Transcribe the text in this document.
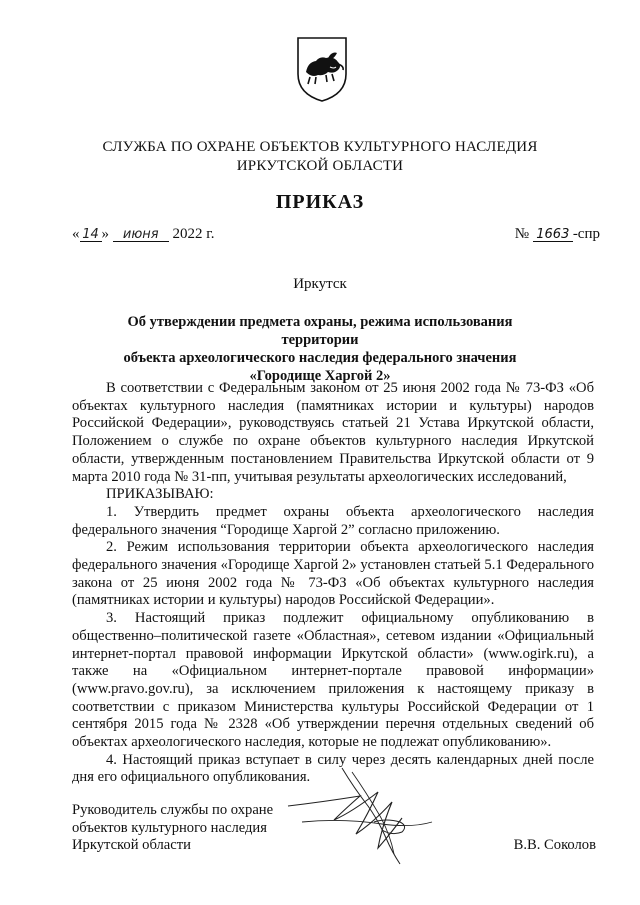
СЛУЖБА ПО ОХРАНЕ ОБЪЕКТОВ КУЛЬТУРНОГО НАСЛЕДИЯ
ИРКУТСКОЙ ОБЛАСТИ
ПРИКАЗ
« 14 » июня 2022 г.	№ 1663 -спр
Иркутск
Об утверждении предмета охраны, режима использования территории
объекта археологического наследия федерального значения
«Городище Харгой 2»

В соответствии с Федеральным законом от 25 июня 2002 года № 73-ФЗ «Об объектах культурного наследия (памятниках истории и культуры) народов Российской Федерации», руководствуясь статьей 21 Устава Иркутской области, Положением о службе по охране объектов культурного наследия Иркутской области, утвержденным постановлением Правительства Иркутской области от 9 марта 2010 года № 31-пп, учитывая результаты археологических исследований,

ПРИКАЗЫВАЮ:

1. Утвердить предмет охраны объекта археологического наследия федерального значения “Городище Харгой 2” согласно приложению.

2. Режим использования территории объекта археологического наследия федерального значения «Городище Харгой 2» установлен статьей 5.1 Федерального закона от 25 июня 2002 года № 73-ФЗ «Об объектах культурного наследия (памятниках истории и культуры) народов Российской Федерации».

3. Настоящий приказ подлежит официальному опубликованию в общественно–политической газете «Областная», сетевом издании «Официальный интернет-портал правовой информации Иркутской области» (www.ogirk.ru), а также на «Официальном интернет-портале правовой информации» (www.pravo.gov.ru), за исключением приложения к настоящему приказу в соответствии с приказом Министерства культуры Российской Федерации от 1 сентября 2015 года № 2328 «Об утверждении перечня отдельных сведений об объектах археологического наследия, которые не подлежат опубликованию».

4. Настоящий приказ вступает в силу через десять календарных дней после дня его официального опубликования.

Руководитель службы по охране
объектов культурного наследия
Иркутской области	В.В. Соколов
